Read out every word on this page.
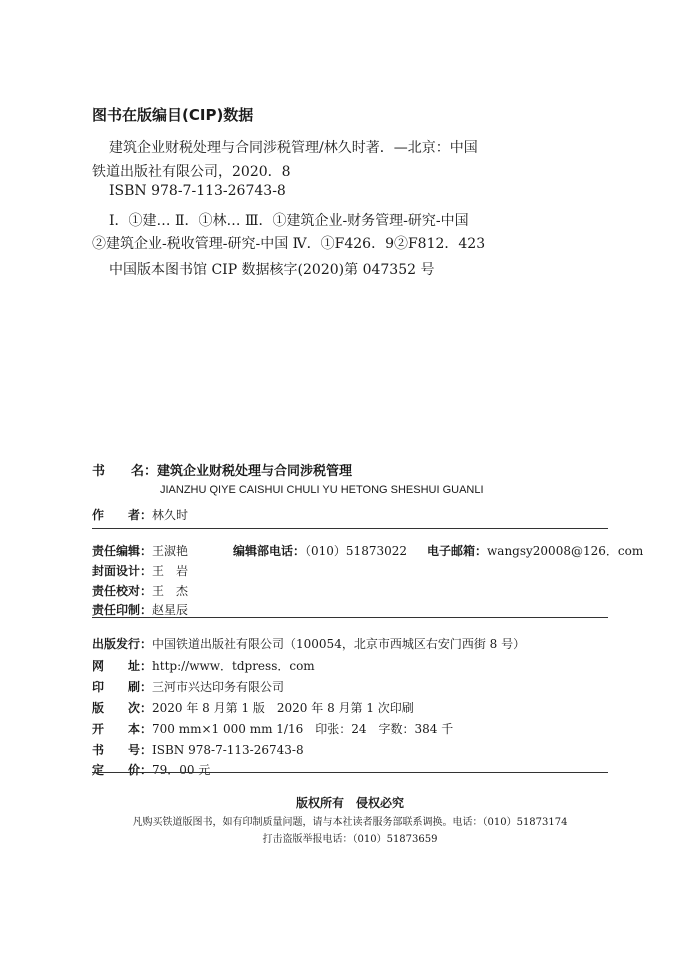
图书在版编目(CIP)数据
建筑企业财税处理与合同涉税管理/林久时著．—北京：中国
铁道出版社有限公司，2020．8
ISBN 978-7-113-26743-8
Ⅰ．①建… Ⅱ．①林… Ⅲ．①建筑企业-财务管理-研究-中国
②建筑企业-税收管理-研究-中国 Ⅳ．①F426．9②F812．423
中国版本图书馆 CIP 数据核字(2020)第 047352 号
书　　名：建筑企业财税处理与合同涉税管理
JIANZHU QIYE CAISHUI CHULI YU HETONG SHESHUI GUANLI
作　　者：林久时
责任编辑：王淑艳	编辑部电话：（010）51873022 电子邮箱：wangsy20008@126．com
封面设计：王　岩
责任校对：王　杰
责任印制：赵星辰
出版发行：中国铁道出版社有限公司（100054，北京市西城区右安门西街 8 号）
网　　址：http://www．tdpress．com
印　　刷：三河市兴达印务有限公司
版　　次：2020 年 8 月第 1 版　2020 年 8 月第 1 次印刷
开　　本：700 mm×1 000 mm 1/16　印张：24　字数：384 千
书　　号：ISBN 978-7-113-26743-8
定　　价：79．00 元
版权所有　侵权必究
凡购买铁道版图书，如有印制质量问题，请与本社读者服务部联系调换。电话：（010）51873174
打击盗版举报电话：（010）51873659
